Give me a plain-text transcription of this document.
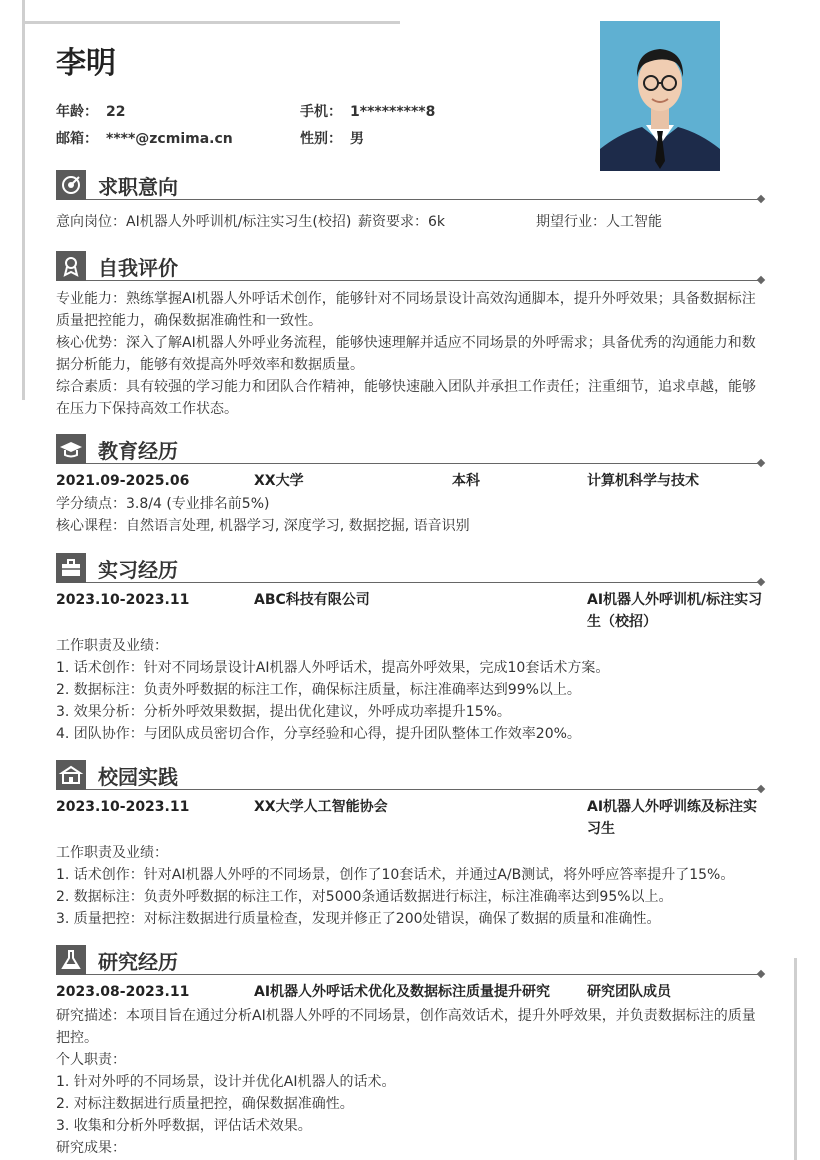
李明
年龄： 22	手机： 1*********8
邮箱： ****@zcmima.cn	性别： 男
求职意向
意向岗位：AI机器人外呼训机/标注实习生(校招) 薪资要求：6k	期望行业：人工智能
自我评价
专业能力：熟练掌握AI机器人外呼话术创作，能够针对不同场景设计高效沟通脚本，提升外呼效果；具备数据标注质量把控能力，确保数据准确性和一致性。
核心优势：深入了解AI机器人外呼业务流程，能够快速理解并适应不同场景的外呼需求；具备优秀的沟通能力和数据分析能力，能够有效提高外呼效率和数据质量。
综合素质：具有较强的学习能力和团队合作精神，能够快速融入团队并承担工作责任；注重细节，追求卓越，能够在压力下保持高效工作状态。
教育经历
2021.09-2025.06	XX大学	本科	计算机科学与技术
学分绩点：3.8/4 (专业排名前5%)
核心课程：自然语言处理, 机器学习, 深度学习, 数据挖掘, 语音识别
实习经历
2023.10-2023.11	ABC科技有限公司	AI机器人外呼训机/标注实习
生（校招）
工作职责及业绩：
1. 话术创作：针对不同场景设计AI机器人外呼话术，提高外呼效果，完成10套话术方案。
2. 数据标注：负责外呼数据的标注工作，确保标注质量，标注准确率达到99%以上。
3. 效果分析：分析外呼效果数据，提出优化建议，外呼成功率提升15%。
4. 团队协作：与团队成员密切合作，分享经验和心得，提升团队整体工作效率20%。
校园实践
2023.10-2023.11	XX大学人工智能协会	AI机器人外呼训练及标注实
习生
工作职责及业绩：
1. 话术创作：针对AI机器人外呼的不同场景，创作了10套话术，并通过A/B测试，将外呼应答率提升了15%。
2. 数据标注：负责外呼数据的标注工作，对5000条通话数据进行标注，标注准确率达到95%以上。
3. 质量把控：对标注数据进行质量检查，发现并修正了200处错误，确保了数据的质量和准确性。
研究经历
2023.08-2023.11	AI机器人外呼话术优化及数据标注质量提升研究	研究团队成员
研究描述：本项目旨在通过分析AI机器人外呼的不同场景，创作高效话术，提升外呼效果，并负责数据标注的质量把控。
个人职责：
1. 针对外呼的不同场景，设计并优化AI机器人的话术。
2. 对标注数据进行质量把控，确保数据准确性。
3. 收集和分析外呼数据，评估话术效果。
研究成果：
